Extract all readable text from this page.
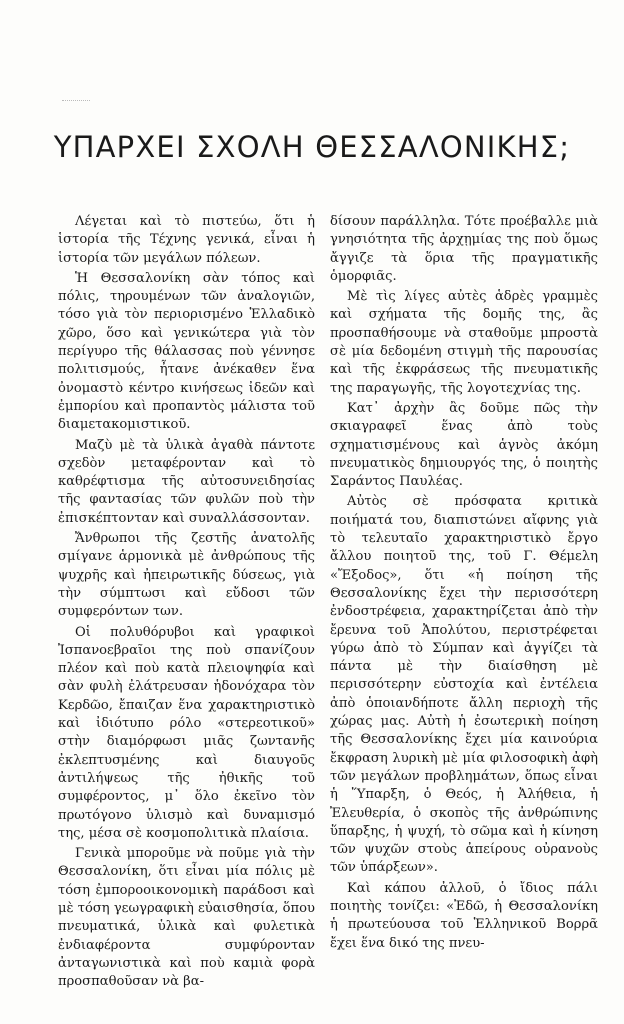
ΥΠΑΡΧΕΙ ΣΧΟΛΗ ΘΕΣΣΑΛΟΝΙΚΗΣ;

Λέγεται καὶ τὸ πιστεύω, ὅτι ἡ ἱστορία τῆς Τέχνης γενικά, εἶναι ἡ ἱστορία τῶν μεγάλων πόλεων.

Ἡ Θεσσαλονίκη σὰν τόπος καὶ πόλις, τηρουμένων τῶν ἀναλογιῶν, τόσο γιὰ τὸν περιορισμένο Ἑλλαδικὸ χῶρο, ὅσο καὶ γενικώτερα γιὰ τὸν περίγυρο τῆς θάλασσας ποὺ γέννησε πολιτισμούς, ἦτανε ἀνέκαθεν ἕνα ὀνομαστὸ κέντρο κινήσεως ἰδεῶν καὶ ἐμπορίου καὶ προπαντὸς μάλιστα τοῦ διαμετακομιστικοῦ.

Μαζὺ μὲ τὰ ὑλικὰ ἀγαθὰ πάντοτε σχεδὸν μεταφέρονταν καὶ τὸ καθρέφτισμα τῆς αὐτοσυνειδησίας τῆς φαντασίας τῶν φυλῶν ποὺ τὴν ἐπισκέπτονταν καὶ συναλλάσσονταν.

Ἄνθρωποι τῆς ζεστῆς ἀνατολῆς σμίγανε ἁρμονικὰ μὲ ἀνθρώπους τῆς ψυχρῆς καὶ ἠπειρωτικῆς δύσεως, γιὰ τὴν σύμπτωσι καὶ εὔδοσι τῶν συμφερόντων των.

Οἱ πολυθόρυβοι καὶ γραφικοὶ Ἰσπανοεβραῖοι της ποὺ σπανίζουν πλέον καὶ ποὺ κατὰ πλειοψηφία καὶ σὰν φυλὴ ἐλάτρευσαν ἡδονόχαρα τὸν Κερδῶο, ἔπαιζαν ἕνα χαρακτηριστικὸ καὶ ἰδιότυπο ρόλο «στερεοτικοῦ» στὴν διαμόρφωσι μιᾶς ζωντανῆς ἐκλεπτυσμένης καὶ διαυγοῦς ἀντιλήψεως τῆς ἠθικῆς τοῦ συμφέροντος, μ᾿ ὅλο ἐκεῖνο τὸν πρωτόγονο ὑλισμὸ καὶ δυναμισμό της, μέσα σὲ κοσμοπολιτικὰ πλαίσια.

Γενικὰ μποροῦμε νὰ ποῦμε γιὰ τὴν Θεσσαλονίκη, ὅτι εἶναι μία πόλις μὲ τόση ἐμποροοικονομικὴ παράδοσι καὶ μὲ τόση γεωγραφικὴ εὐαισθησία, ὅπου πνευματικά, ὑλικὰ καὶ φυλετικὰ ἐνδιαφέροντα συμφύρονταν ἀνταγωνιστικὰ καὶ ποὺ καμιὰ φορὰ προσπαθοῦσαν νὰ βα-

δίσουν παράλληλα. Τότε προέβαλλε μιὰ γνησιότητα τῆς ἀρχῃμίας της ποὺ ὅμως ἄγγιζε τὰ ὅρια τῆς πραγματικῆς ὁμορφιᾶς.

Μὲ τὶς λίγες αὐτὲς ἁδρὲς γραμμὲς καὶ σχήματα τῆς δομῆς της, ἂς προσπαθήσουμε νὰ σταθοῦμε μπροστὰ σὲ μία δεδομένη στιγμὴ τῆς παρουσίας καὶ τῆς ἐκφράσεως τῆς πνευματικῆς της παραγωγῆς, τῆς λογοτεχνίας της.

Κατ᾿ ἀρχὴν ἂς δοῦμε πῶς τὴν σκιαγραφεῖ ἕνας ἀπὸ τοὺς σχηματισμένους καὶ ἁγνὸς ἀκόμη πνευματικὸς δημιουργός της, ὁ ποιητὴς Σαράντος Παυλέας.

Αὐτὸς σὲ πρόσφατα κριτικὰ ποιήματά του, διαπιστώνει αἴφνης γιὰ τὸ τελευταῖο χαρακτηριστικὸ ἔργο ἄλλου ποιητοῦ της, τοῦ Γ. Θέμελη «Ἔξοδος», ὅτι «ἡ ποίηση τῆς Θεσσαλονίκης ἔχει τὴν περισσότερη ἐνδοστρέφεια, χαρακτηρίζεται ἀπὸ τὴν ἔρευνα τοῦ Ἀπολύτου, περιστρέφεται γύρω ἀπὸ τὸ Σύμπαν καὶ ἀγγίζει τὰ πάντα μὲ τὴν διαίσθηση μὲ περισσότερην εὐστοχία καὶ ἐντέλεια ἀπὸ ὁποιανδήποτε ἄλλη περιοχὴ τῆς χώρας μας. Αὐτὴ ἡ ἐσωτερικὴ ποίηση τῆς Θεσσαλονίκης ἔχει μία καινούρια ἔκφραση λυρικὴ μὲ μία φιλοσοφικὴ ἀφὴ τῶν μεγάλων προβλημάτων, ὅπως εἶναι ἡ Ὕπαρξη, ὁ Θεός, ἡ Ἀλήθεια, ἡ Ἐλευθερία, ὁ σκοπὸς τῆς ἀνθρώπινης ὕπαρξης, ἡ ψυχή, τὸ σῶμα καὶ ἡ κίνηση τῶν ψυχῶν στοὺς ἀπείρους οὐρανοὺς τῶν ὑπάρξεων».

Καὶ κάπου ἀλλοῦ, ὁ ἴδιος πάλι ποιητὴς τονίζει: «Ἐδῶ, ἡ Θεσσαλονίκη ἡ πρωτεύουσα τοῦ Ἑλληνικοῦ Βορρᾶ ἔχει ἕνα δικό της πνευ-
